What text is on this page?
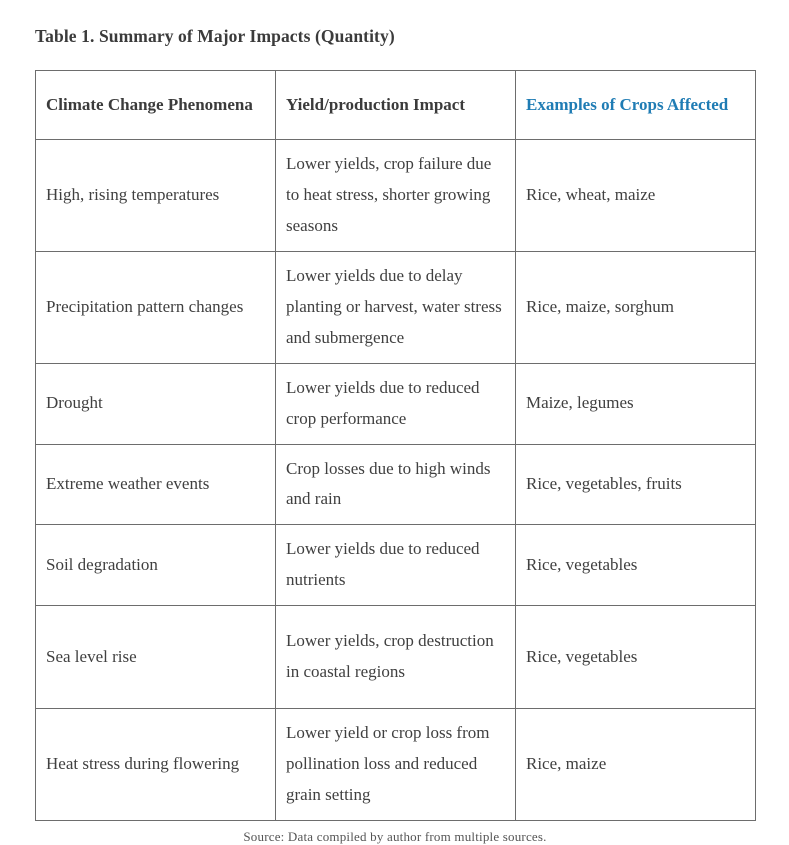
Table 1. Summary of Major Impacts (Quantity)
Climate Change Phenomena	Yield/production Impact	Examples of Crops Affected
High, rising temperatures	Lower yields, crop failure due to heat stress, shorter growing seasons	Rice, wheat, maize
Precipitation pattern changes	Lower yields due to delay planting or harvest, water stress and submergence	Rice, maize, sorghum
Drought	Lower yields due to reduced crop performance	Maize, legumes
Extreme weather events	Crop losses due to high winds and rain	Rice, vegetables, fruits
Soil degradation	Lower yields due to reduced nutrients	Rice, vegetables
Sea level rise	Lower yields, crop destruction in coastal regions	Rice, vegetables
Heat stress during flowering	Lower yield or crop loss from pollination loss and reduced grain setting	Rice, maize
Source: Data compiled by author from multiple sources.
